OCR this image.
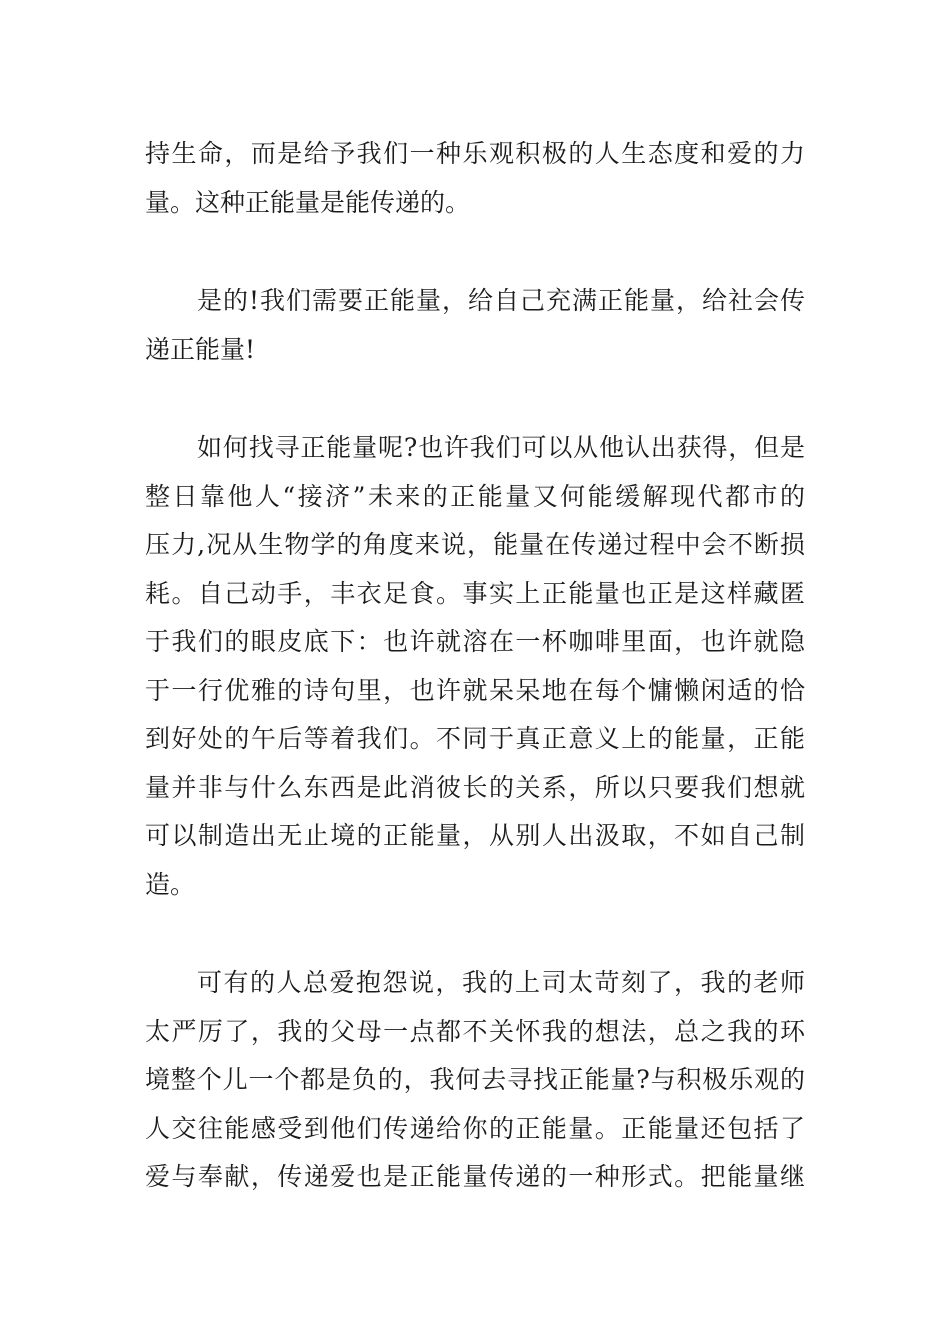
持生命，而是给予我们一种乐观积极的人生态度和爱的力
量。这种正能量是能传递的。
是的!我们需要正能量，给自己充满正能量，给社会传
递正能量!
如何找寻正能量呢?也许我们可以从他认出获得，但是
整日靠他人“接济”未来的正能量又何能缓解现代都市的
压力,况从生物学的角度来说，能量在传递过程中会不断损
耗。自己动手，丰衣足食。事实上正能量也正是这样藏匿
于我们的眼皮底下：也许就溶在一杯咖啡里面，也许就隐
于一行优雅的诗句里，也许就呆呆地在每个慵懒闲适的恰
到好处的午后等着我们。不同于真正意义上的能量，正能
量并非与什么东西是此消彼长的关系，所以只要我们想就
可以制造出无止境的正能量，从别人出汲取，不如自己制
造。
可有的人总爱抱怨说，我的上司太苛刻了，我的老师
太严厉了，我的父母一点都不关怀我的想法，总之我的环
境整个儿一个都是负的，我何去寻找正能量?与积极乐观的
人交往能感受到他们传递给你的正能量。正能量还包括了
爱与奉献，传递爱也是正能量传递的一种形式。把能量继
